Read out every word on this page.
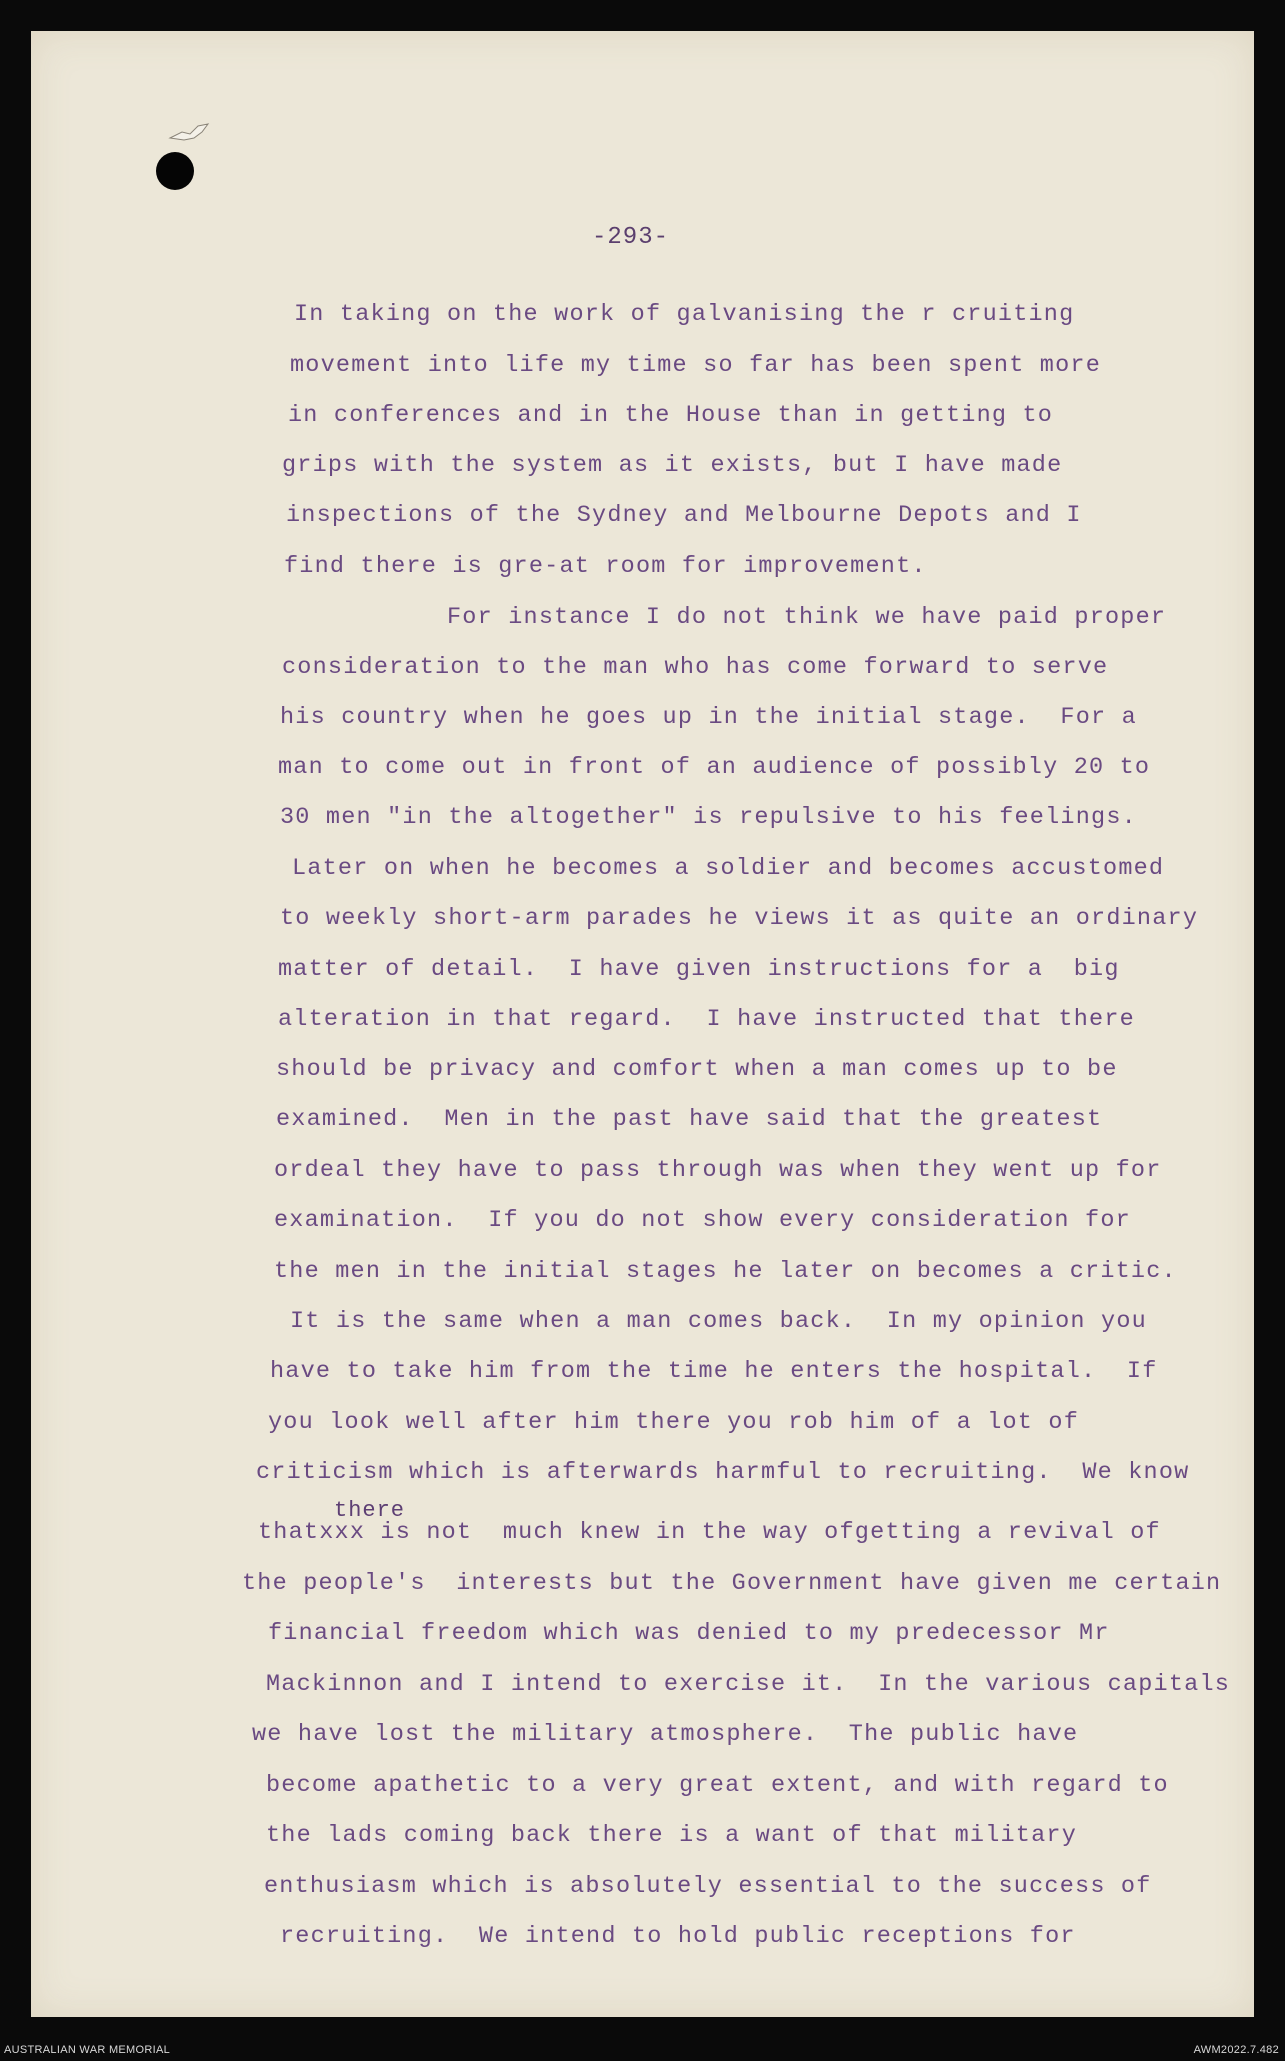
-293-
In taking on the work of galvanising the r cruiting
movement into life my time so far has been spent more
in conferences and in the House than in getting to
grips with the system as it exists, but I have made
inspections of the Sydney and Melbourne Depots and I
find there is gre-at room for improvement.
For instance I do not think we have paid proper
consideration to the man who has come forward to serve
his country when he goes up in the initial stage.  For a
man to come out in front of an audience of possibly 20 to
30 men "in the altogether" is repulsive to his feelings.
Later on when he becomes a soldier and becomes accustomed
to weekly short-arm parades he views it as quite an ordinary
matter of detail.  I have given instructions for a  big
alteration in that regard.  I have instructed that there
should be privacy and comfort when a man comes up to be
examined.  Men in the past have said that the greatest
ordeal they have to pass through was when they went up for
examination.  If you do not show every consideration for
the men in the initial stages he later on becomes a critic.
It is the same when a man comes back.  In my opinion you
have to take him from the time he enters the hospital.  If
you look well after him there you rob him of a lot of
criticism which is afterwards harmful to recruiting.  We know
thatxxx is not  much knew in the way ofgetting a revival of
the people's  interests but the Government have given me certain
financial freedom which was denied to my predecessor Mr
Mackinnon and I intend to exercise it.  In the various capitals
we have lost the military atmosphere.  The public have
become apathetic to a very great extent, and with regard to
the lads coming back there is a want of that military
enthusiasm which is absolutely essential to the success of
recruiting.  We intend to hold public receptions for
there
AUSTRALIAN WAR MEMORIAL	AWM2022.7.482
